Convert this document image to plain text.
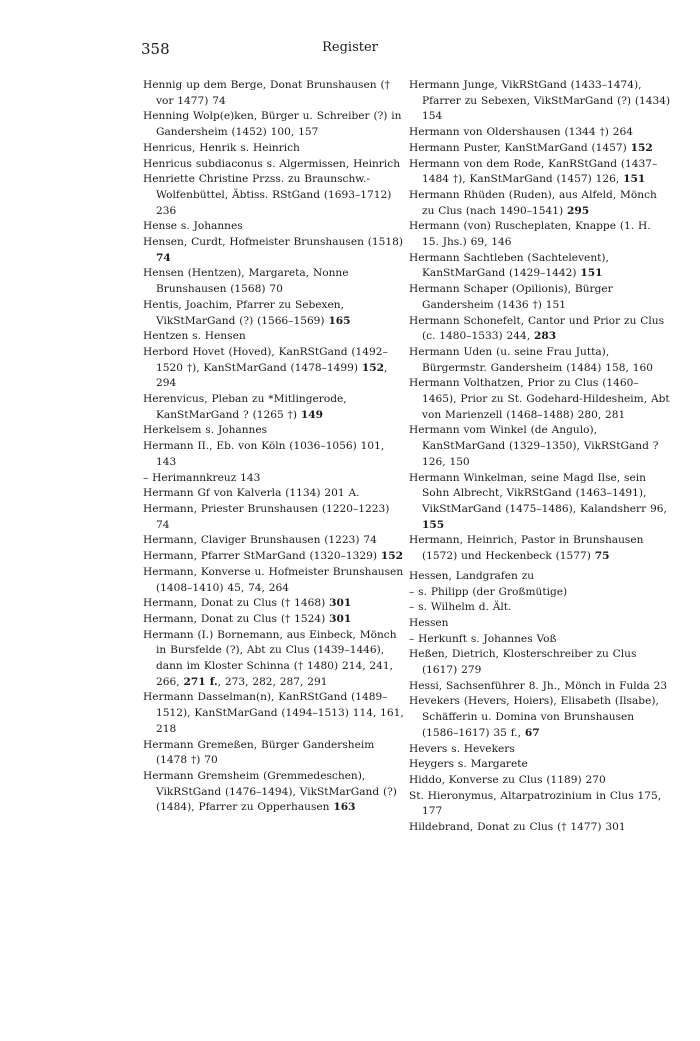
358	Register

Hennig up dem Berge, Donat Brunshausen († vor 1477) 74

Henning Wolp(e)ken, Bürger u. Schreiber (?) in Gandersheim (1452) 100, 157

Henricus, Henrik s. Heinrich

Henricus subdiaconus s. Algermissen, Heinrich

Henriette Christine Przss. zu Braunschw.-Wolfenbüttel, Äbtiss. RStGand (1693–1712) 236

Hense s. Johannes

Hensen, Curdt, Hofmeister Brunshausen (1518) 74

Hensen (Hentzen), Margareta, Nonne Brunshausen (1568) 70

Hentis, Joachim, Pfarrer zu Sebexen, VikStMarGand (?) (1566–1569) 165

Hentzen s. Hensen

Herbord Hovet (Hoved), KanRStGand (1492–1520 †), KanStMarGand (1478–1499) 152, 294

Herenvicus, Pleban zu *Mitlingerode, KanStMarGand ? (1265 †) 149

Herkelsem s. Johannes

Hermann II., Eb. von Köln (1036–1056) 101, 143

– Herimannkreuz 143

Hermann Gf von Kalverla (1134) 201 A.

Hermann, Priester Brunshausen (1220–1223) 74

Hermann, Claviger Brunshausen (1223) 74

Hermann, Pfarrer StMarGand (1320–1329) 152

Hermann, Konverse u. Hofmeister Brunshausen (1408–1410) 45, 74, 264

Hermann, Donat zu Clus († 1468) 301

Hermann, Donat zu Clus († 1524) 301

Hermann (I.) Bornemann, aus Einbeck, Mönch in Bursfelde (?), Abt zu Clus (1439–1446), dann im Kloster Schinna († 1480) 214, 241, 266, 271 f., 273, 282, 287, 291

Hermann Dasselman(n), KanRStGand (1489–1512), KanStMarGand (1494–1513) 114, 161, 218

Hermann Gremeßen, Bürger Gandersheim (1478 †) 70

Hermann Gremsheim (Gremmedeschen), VikRStGand (1476–1494), VikStMarGand (?) (1484), Pfarrer zu Opperhausen 163

Hermann Junge, VikRStGand (1433–1474), Pfarrer zu Sebexen, VikStMarGand (?) (1434) 154

Hermann von Oldershausen (1344 †) 264

Hermann Puster, KanStMarGand (1457) 152

Hermann von dem Rode, KanRStGand (1437–1484 †), KanStMarGand (1457) 126, 151

Hermann Rhüden (Ruden), aus Alfeld, Mönch zu Clus (nach 1490–1541) 295

Hermann (von) Ruscheplaten, Knappe (1. H. 15. Jhs.) 69, 146

Hermann Sachtleben (Sachtelevent), KanStMarGand (1429–1442) 151

Hermann Schaper (Opilionis), Bürger Gandersheim (1436 †) 151

Hermann Schonefelt, Cantor und Prior zu Clus (c. 1480–1533) 244, 283

Hermann Uden (u. seine Frau Jutta), Bürgermstr. Gandersheim (1484) 158, 160

Hermann Volthatzen, Prior zu Clus (1460–1465), Prior zu St. Godehard-Hildesheim, Abt von Marienzell (1468–1488) 280, 281

Hermann vom Winkel (de Angulo), KanStMarGand (1329–1350), VikRStGand ? 126, 150

Hermann Winkelman, seine Magd Ilse, sein Sohn Albrecht, VikRStGand (1463–1491), VikStMarGand (1475–1486), Kalandsherr 96, 155

Hermann, Heinrich, Pastor in Brunshausen (1572) und Heckenbeck (1577) 75

Hessen, Landgrafen zu

– s. Philipp (der Großmütige)

– s. Wilhelm d. Ält.

Hessen

– Herkunft s. Johannes Voß

Heßen, Dietrich, Klosterschreiber zu Clus (1617) 279

Hessi, Sachsenführer 8. Jh., Mönch in Fulda 23

Hevekers (Hevers, Hoiers), Elisabeth (Ilsabe), Schäfferin u. Domina von Brunshausen (1586–1617) 35 f., 67

Hevers s. Hevekers

Heygers s. Margarete

Hiddo, Konverse zu Clus (1189) 270

St. Hieronymus, Altarpatrozinium in Clus 175, 177

Hildebrand, Donat zu Clus († 1477) 301
